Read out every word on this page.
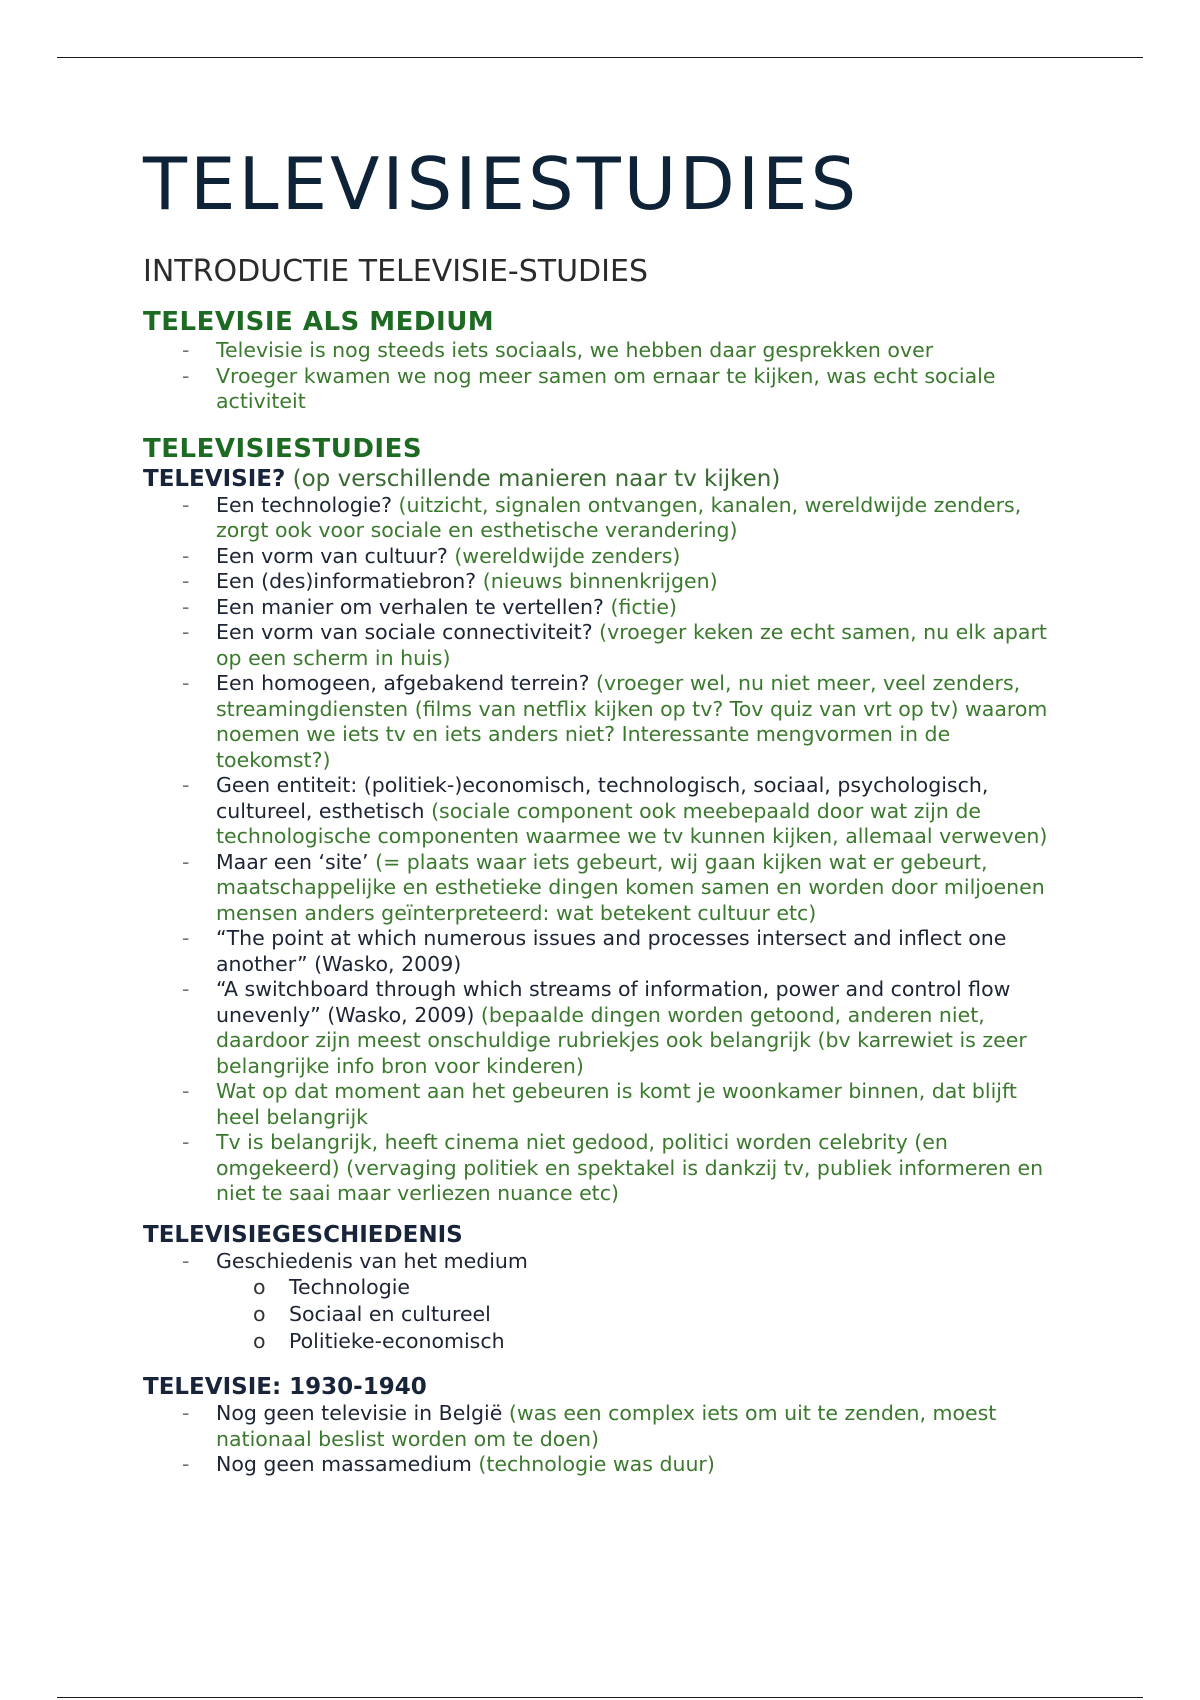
TELEVISIESTUDIES
INTRODUCTIE TELEVISIE-STUDIES
TELEVISIE ALS MEDIUM
- Televisie is nog steeds iets sociaals, we hebben daar gesprekken over
- Vroeger kwamen we nog meer samen om ernaar te kijken, was echt sociale activiteit
TELEVISIESTUDIES
TELEVISIE? (op verschillende manieren naar tv kijken)
- Een technologie? (uitzicht, signalen ontvangen, kanalen, wereldwijde zenders, zorgt ook voor sociale en esthetische verandering)
- Een vorm van cultuur? (wereldwijde zenders)
- Een (des)informatiebron? (nieuws binnenkrijgen)
- Een manier om verhalen te vertellen? (fictie)
- Een vorm van sociale connectiviteit? (vroeger keken ze echt samen, nu elk apart op een scherm in huis)
- Een homogeen, afgebakend terrein? (vroeger wel, nu niet meer, veel zenders, streamingdiensten (films van netflix kijken op tv? Tov quiz van vrt op tv) waarom noemen we iets tv en iets anders niet? Interessante mengvormen in de toekomst?)
- Geen entiteit: (politiek-)economisch, technologisch, sociaal, psychologisch, cultureel, esthetisch (sociale component ook meebepaald door wat zijn de technologische componenten waarmee we tv kunnen kijken, allemaal verweven)
- Maar een ‘site’ (= plaats waar iets gebeurt, wij gaan kijken wat er gebeurt, maatschappelijke en esthetieke dingen komen samen en worden door miljoenen mensen anders geïnterpreteerd: wat betekent cultuur etc)
- “The point at which numerous issues and processes intersect and inflect one another” (Wasko, 2009)
- “A switchboard through which streams of information, power and control flow unevenly” (Wasko, 2009) (bepaalde dingen worden getoond, anderen niet, daardoor zijn meest onschuldige rubriekjes ook belangrijk (bv karrewiet is zeer belangrijke info bron voor kinderen)
- Wat op dat moment aan het gebeuren is komt je woonkamer binnen, dat blijft heel belangrijk
- Tv is belangrijk, heeft cinema niet gedood, politici worden celebrity (en omgekeerd) (vervaging politiek en spektakel is dankzij tv, publiek informeren en niet te saai maar verliezen nuance etc)
TELEVISIEGESCHIEDENIS
- Geschiedenis van het medium
o Technologie
o Sociaal en cultureel
o Politieke-economisch
TELEVISIE: 1930-1940
- Nog geen televisie in België (was een complex iets om uit te zenden, moest nationaal beslist worden om te doen)
- Nog geen massamedium (technologie was duur)
